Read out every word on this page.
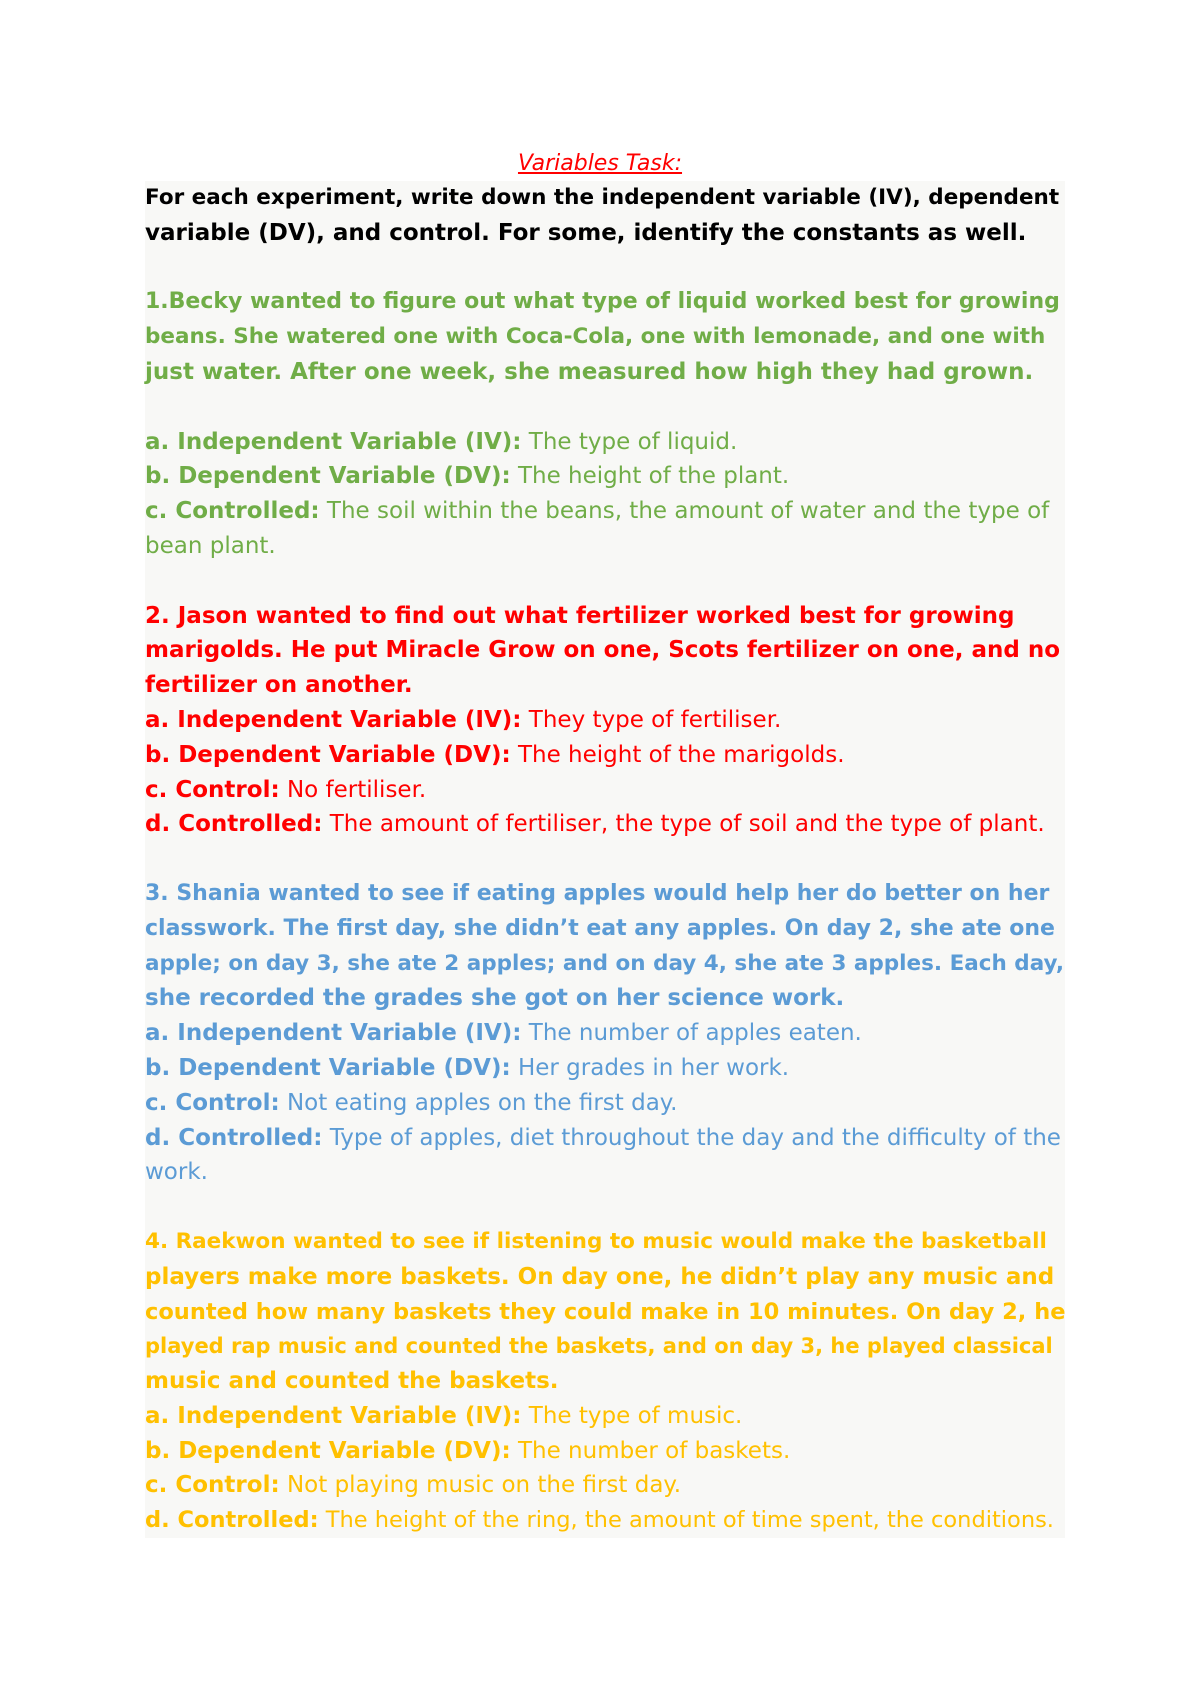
Variables Task:
For each experiment, write down the independent variable (IV), dependent
variable (DV), and control. For some, identify the constants as well.
1.Becky wanted to figure out what type of liquid worked best for growing
beans. She watered one with Coca-Cola, one with lemonade, and one with
just water. After one week, she measured how high they had grown.
a. Independent Variable (IV): The type of liquid.
b. Dependent Variable (DV): The height of the plant.
c. Controlled: The soil within the beans, the amount of water and the type of
bean plant.
2. Jason wanted to find out what fertilizer worked best for growing
marigolds. He put Miracle Grow on one, Scots fertilizer on one, and no
fertilizer on another.
a. Independent Variable (IV): They type of fertiliser.
b. Dependent Variable (DV): The height of the marigolds.
c. Control: No fertiliser.
d. Controlled: The amount of fertiliser, the type of soil and the type of plant.
3. Shania wanted to see if eating apples would help her do better on her
classwork. The first day, she didn’t eat any apples. On day 2, she ate one
apple; on day 3, she ate 2 apples; and on day 4, she ate 3 apples. Each day,
she recorded the grades she got on her science work.
a. Independent Variable (IV): The number of apples eaten.
b. Dependent Variable (DV): Her grades in her work.
c. Control: Not eating apples on the first day.
d. Controlled: Type of apples, diet throughout the day and the difficulty of the
work.
4. Raekwon wanted to see if listening to music would make the basketball
players make more baskets. On day one, he didn’t play any music and
counted how many baskets they could make in 10 minutes. On day 2, he
played rap music and counted the baskets, and on day 3, he played classical
music and counted the baskets.
a. Independent Variable (IV): The type of music.
b. Dependent Variable (DV): The number of baskets.
c. Control: Not playing music on the first day.
d. Controlled: The height of the ring, the amount of time spent, the conditions.
